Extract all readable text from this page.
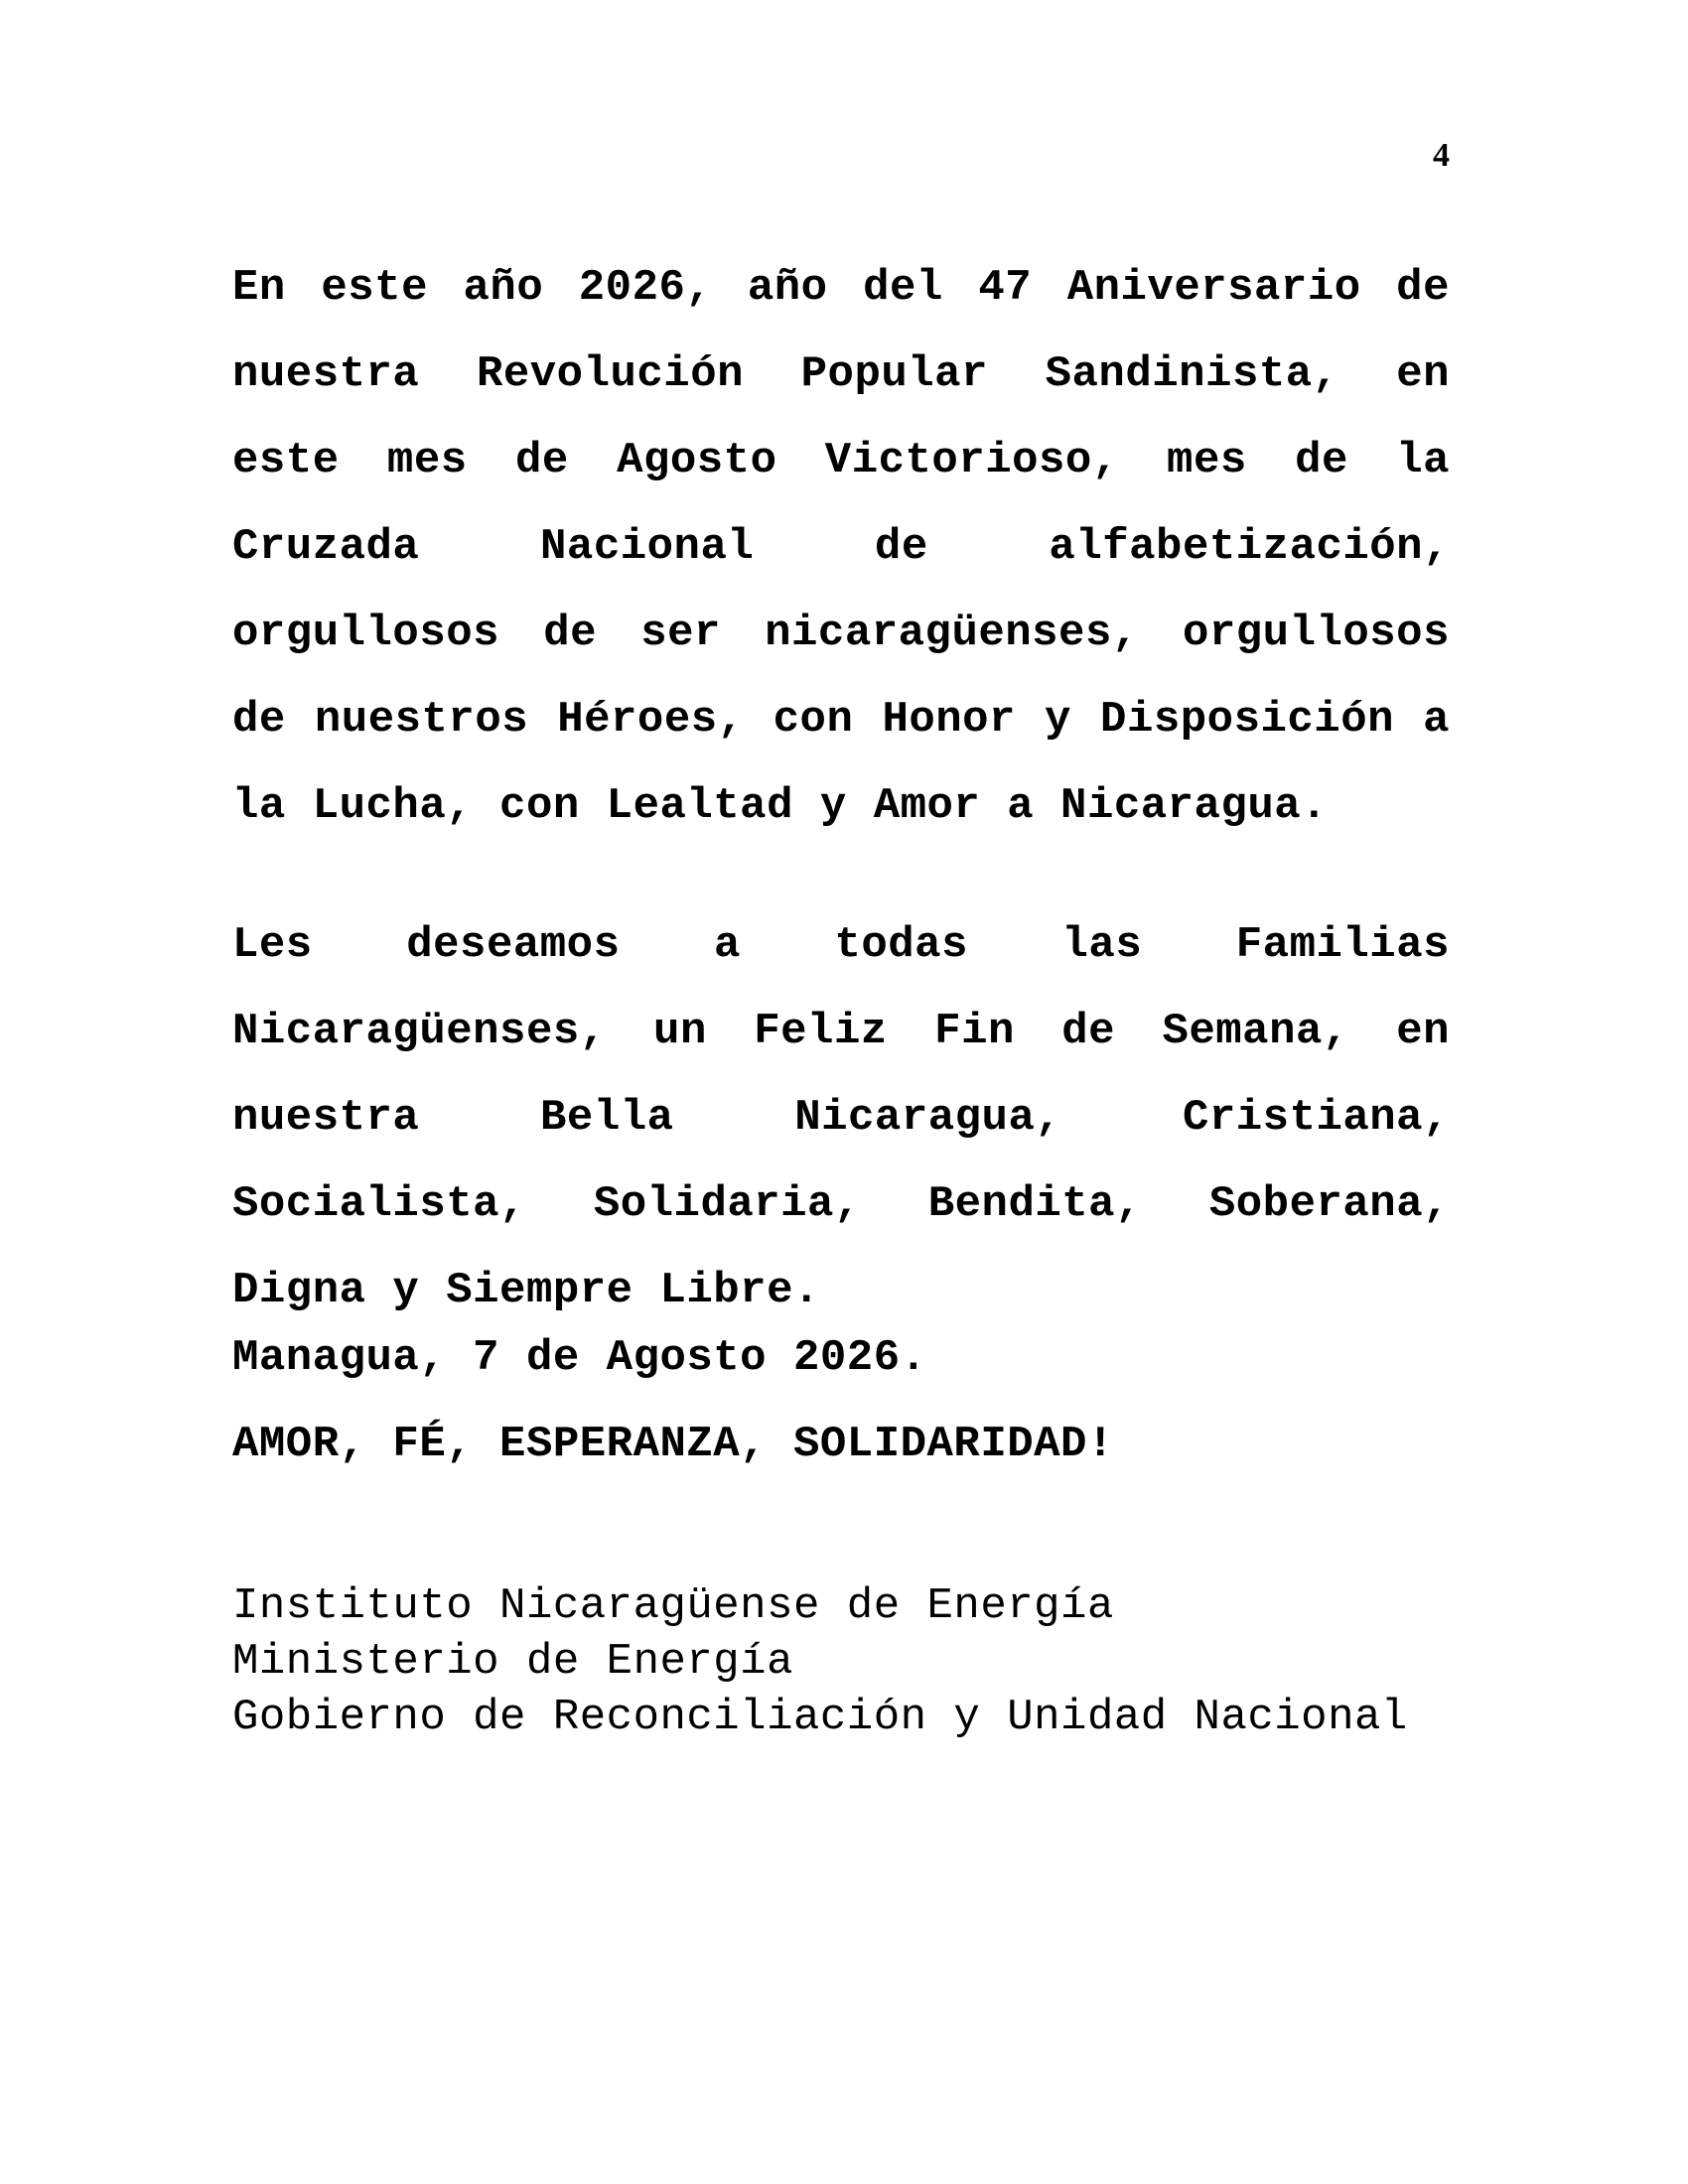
4

En este año 2026, año del 47 Aniversario de nuestra Revolución Popular Sandinista, en este mes de Agosto Victorioso, mes de la Cruzada Nacional de alfabetización, orgullosos de ser nicaragüenses, orgullosos de nuestros Héroes, con Honor y Disposición a la Lucha, con Lealtad y Amor a Nicaragua.

Les deseamos a todas las Familias Nicaragüenses, un Feliz Fin de Semana, en nuestra Bella Nicaragua, Cristiana, Socialista, Solidaria, Bendita, Soberana, Digna y Siempre Libre.

Managua, 7 de Agosto 2026.
AMOR, FÉ, ESPERANZA, SOLIDARIDAD!
Instituto Nicaragüense de Energía
Ministerio de Energía
Gobierno de Reconciliación y Unidad Nacional
